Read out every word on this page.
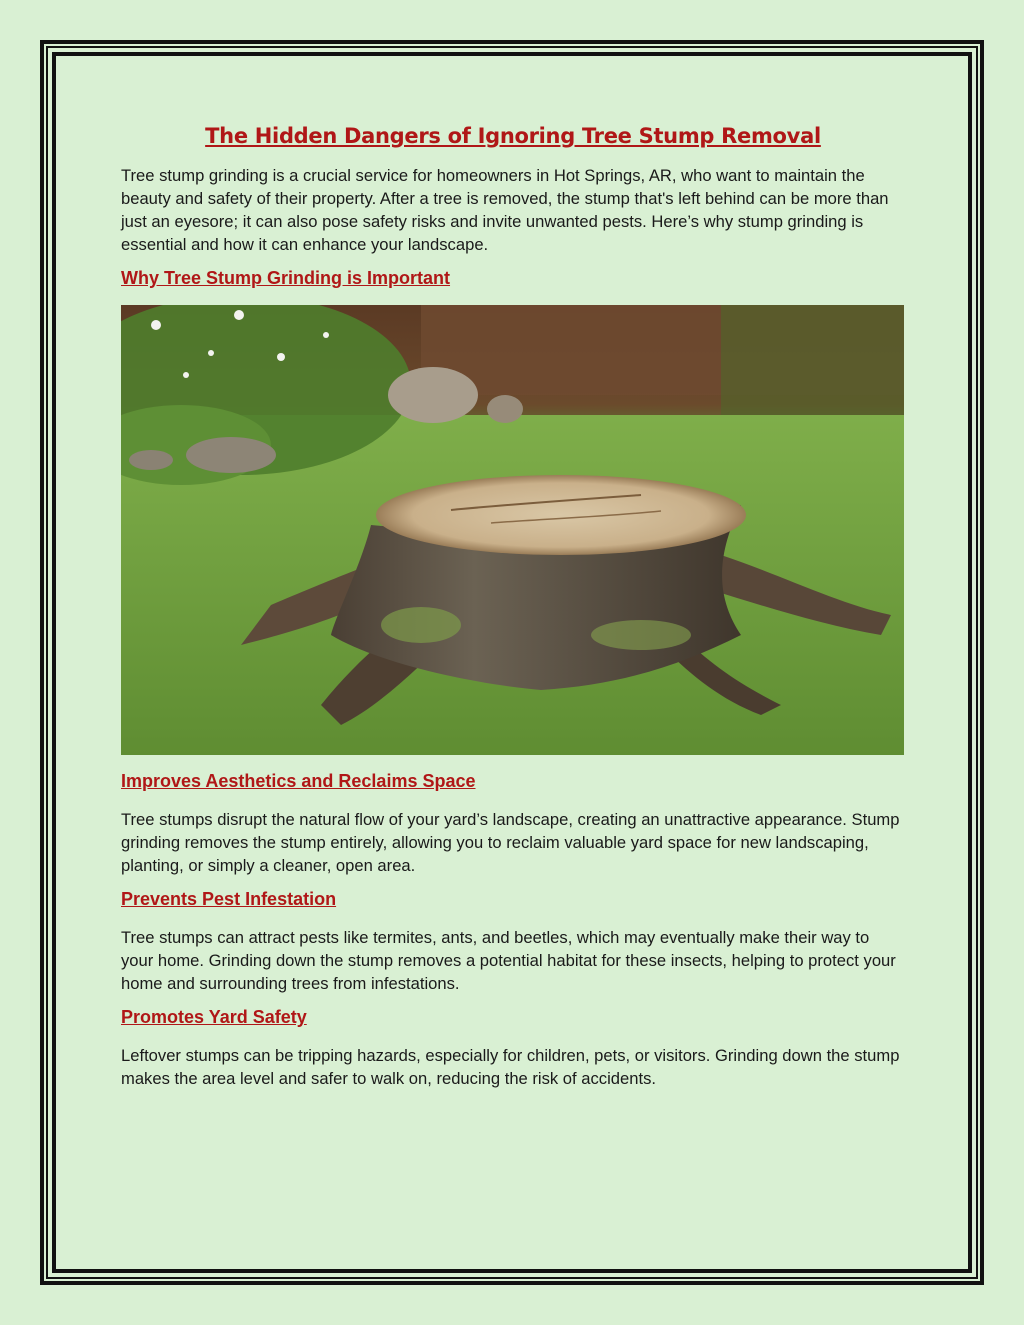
The Hidden Dangers of Ignoring Tree Stump Removal

Tree stump grinding is a crucial service for homeowners in Hot Springs, AR, who want to maintain the beauty and safety of their property. After a tree is removed, the stump that's left behind can be more than just an eyesore; it can also pose safety risks and invite unwanted pests. Here’s why stump grinding is essential and how it can enhance your landscape.

Why Tree Stump Grinding is Important
Improves Aesthetics and Reclaims Space

Tree stumps disrupt the natural flow of your yard’s landscape, creating an unattractive appearance. Stump grinding removes the stump entirely, allowing you to reclaim valuable yard space for new landscaping, planting, or simply a cleaner, open area.

Prevents Pest Infestation

Tree stumps can attract pests like termites, ants, and beetles, which may eventually make their way to your home. Grinding down the stump removes a potential habitat for these insects, helping to protect your home and surrounding trees from infestations.

Promotes Yard Safety

Leftover stumps can be tripping hazards, especially for children, pets, or visitors. Grinding down the stump makes the area level and safer to walk on, reducing the risk of accidents.
